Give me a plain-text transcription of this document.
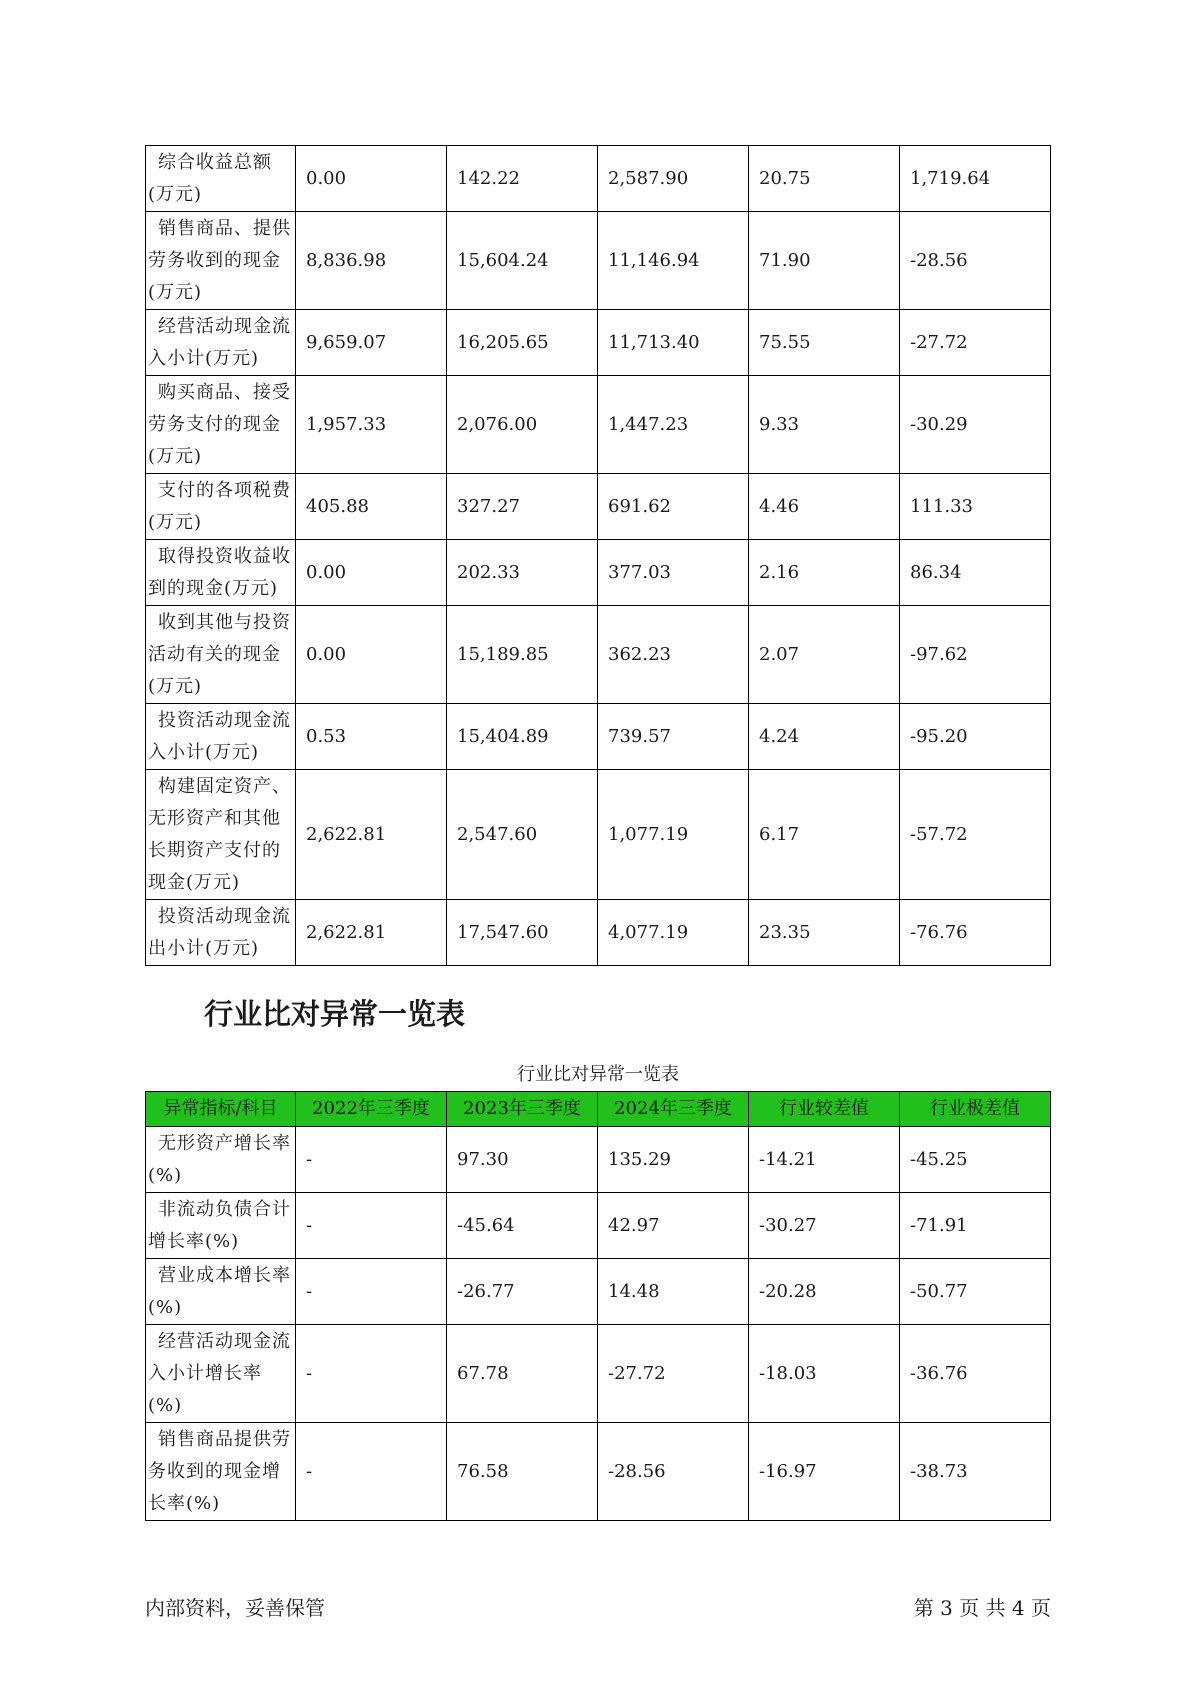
综合收益总额(万元)	0.00	142.22	2,587.90	20.75	1,719.64
销售商品、提供劳务收到的现金(万元)	8,836.98	15,604.24	11,146.94	71.90	-28.56
经营活动现金流入小计(万元)	9,659.07	16,205.65	11,713.40	75.55	-27.72
购买商品、接受劳务支付的现金(万元)	1,957.33	2,076.00	1,447.23	9.33	-30.29
支付的各项税费(万元)	405.88	327.27	691.62	4.46	111.33
取得投资收益收到的现金(万元)	0.00	202.33	377.03	2.16	86.34
收到其他与投资活动有关的现金(万元)	0.00	15,189.85	362.23	2.07	-97.62
投资活动现金流入小计(万元)	0.53	15,404.89	739.57	4.24	-95.20
构建固定资产、无形资产和其他长期资产支付的现金(万元)	2,622.81	2,547.60	1,077.19	6.17	-57.72
投资活动现金流出小计(万元)	2,622.81	17,547.60	4,077.19	23.35	-76.76
行业比对异常一览表
行业比对异常一览表
异常指标/科目	2022年三季度	2023年三季度	2024年三季度	行业较差值	行业极差值
无形资产增长率(%)	-	97.30	135.29	-14.21	-45.25
非流动负债合计增长率(%)	-	-45.64	42.97	-30.27	-71.91
营业成本增长率(%)	-	-26.77	14.48	-20.28	-50.77
经营活动现金流入小计增长率(%)	-	67.78	-27.72	-18.03	-36.76
销售商品提供劳务收到的现金增长率(%)	-	76.58	-28.56	-16.97	-38.73
内部资料，妥善保管	第 3 页 共 4 页
